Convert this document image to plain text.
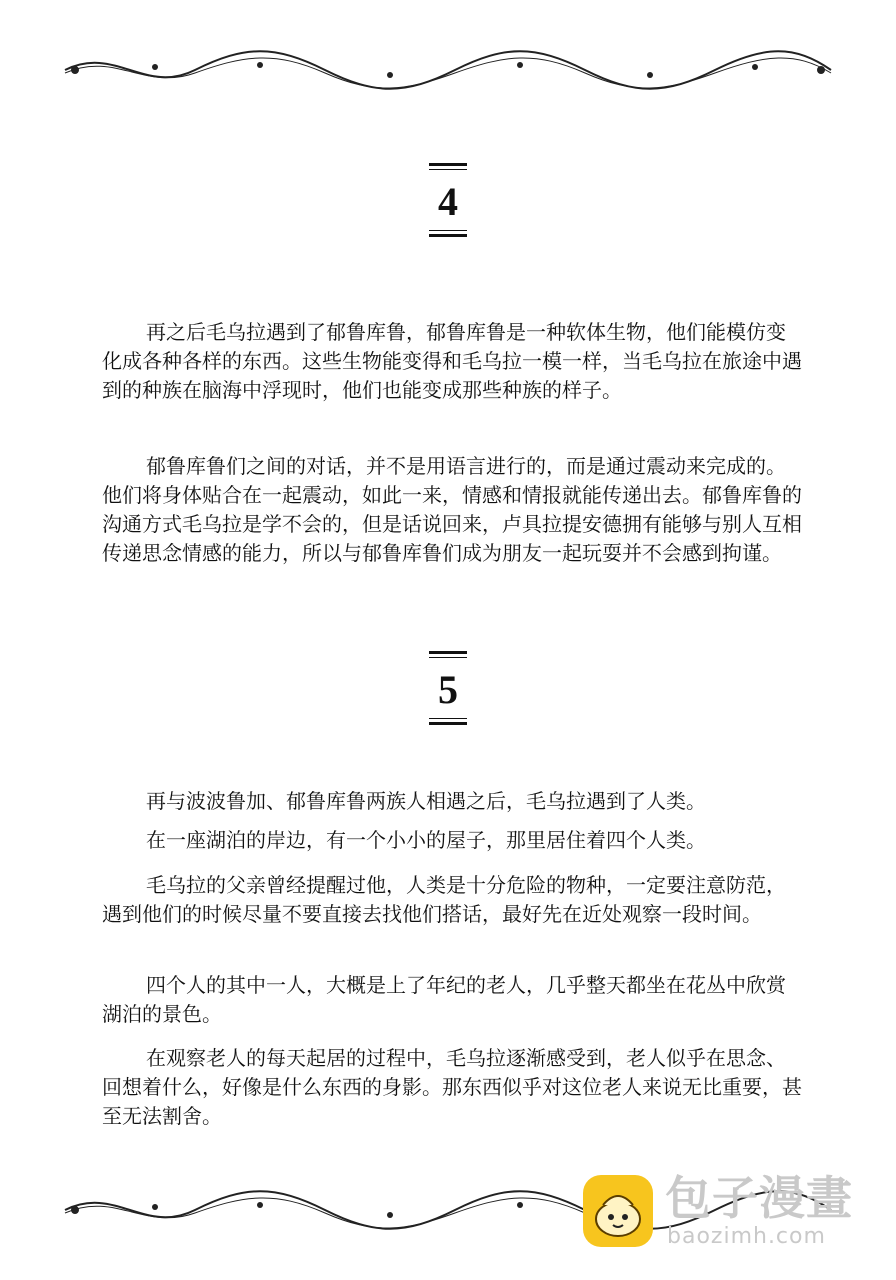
4

再之后毛乌拉遇到了郁鲁库鲁，郁鲁库鲁是一种软体生物，他们能模仿变化成各种各样的东西。这些生物能变得和毛乌拉一模一样，当毛乌拉在旅途中遇到的种族在脑海中浮现时，他们也能变成那些种族的样子。

郁鲁库鲁们之间的对话，并不是用语言进行的，而是通过震动来完成的。他们将身体贴合在一起震动，如此一来，情感和情报就能传递出去。郁鲁库鲁的沟通方式毛乌拉是学不会的，但是话说回来，卢具拉提安德拥有能够与别人互相传递思念情感的能力，所以与郁鲁库鲁们成为朋友一起玩耍并不会感到拘谨。

5

再与波波鲁加、郁鲁库鲁两族人相遇之后，毛乌拉遇到了人类。

在一座湖泊的岸边，有一个小小的屋子，那里居住着四个人类。

毛乌拉的父亲曾经提醒过他，人类是十分危险的物种，一定要注意防范，遇到他们的时候尽量不要直接去找他们搭话，最好先在近处观察一段时间。

四个人的其中一人，大概是上了年纪的老人，几乎整天都坐在花丛中欣赏湖泊的景色。

在观察老人的每天起居的过程中，毛乌拉逐渐感受到，老人似乎在思念、回想着什么，好像是什么东西的身影。那东西似乎对这位老人来说无比重要，甚至无法割舍。

包子漫畫
baozimh.com
